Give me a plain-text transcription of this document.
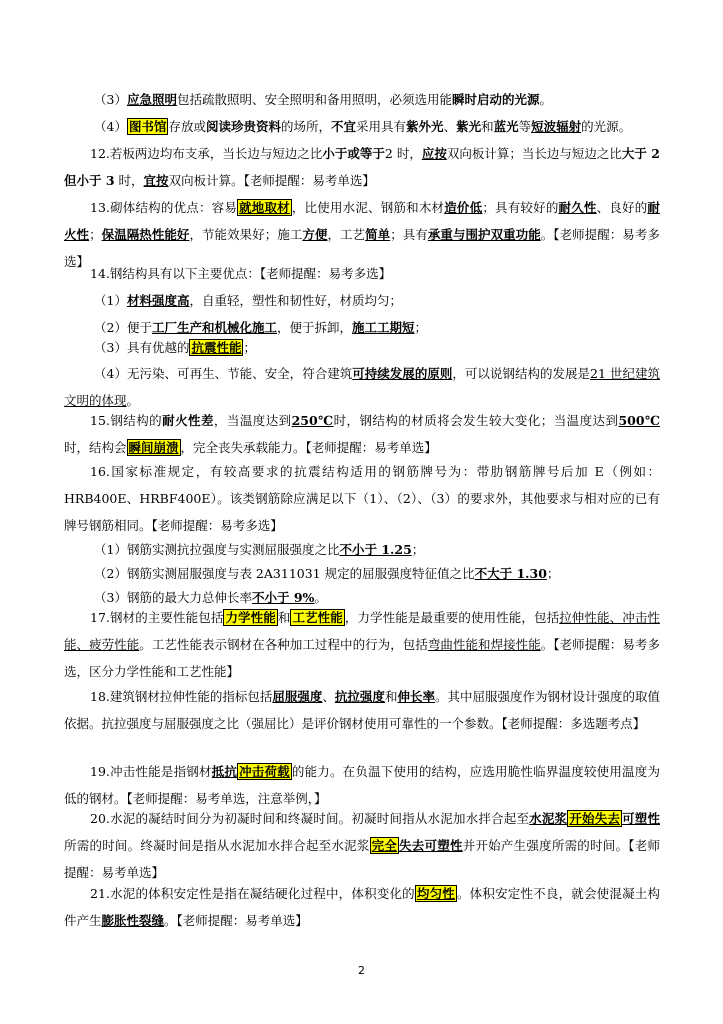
（3）应急照明包括疏散照明、安全照明和备用照明，必须选用能瞬时启动的光源。

（4） 图书馆 存放或阅读珍贵资料的场所，不宜采用具有紫外光、紫光和蓝光等短波辐射的光源。

12.若板两边均布支承，当长边与短边之比小于或等于2 时，应按双向板计算；当长边与短边之比大于 2 但小于 3 时，宜按双向板计算。【老师提醒：易考单选】

13.砌体结构的优点：容易 就地取材 ，比使用水泥、钢筋和木材造价低；具有较好的耐久性、良好的耐火性；保温隔热性能好，节能效果好；施工方便，工艺简单；具有承重与围护双重功能。【老师提醒：易考多选】

14.钢结构具有以下主要优点：【老师提醒：易考多选】

（1）材料强度高，自重轻，塑性和韧性好，材质均匀；

（2）便于工厂生产和机械化施工，便于拆卸，施工工期短；

（3）具有优越的 抗震性能 ；

（4）无污染、可再生、节能、安全，符合建筑可持续发展的原则，可以说钢结构的发展是21 世纪建筑文明的体现。

15.钢结构的耐火性差，当温度达到250℃时，钢结构的材质将会发生较大变化；当温度达到500℃时，结构会 瞬间崩溃 ，完全丧失承载能力。【老师提醒：易考单选】

16.国家标准规定，有较高要求的抗震结构适用的钢筋牌号为：带肋钢筋牌号后加 E（例如：HRB400E、HRBF400E）。该类钢筋除应满足以下（1）、（2）、（3）的要求外，其他要求与相对应的已有牌号钢筋相同。【老师提醒：易考多选】

（1）钢筋实测抗拉强度与实测屈服强度之比不小于 1.25；

（2）钢筋实测屈服强度与表 2A311031 规定的屈服强度特征值之比不大于 1.30；

（3）钢筋的最大力总伸长率不小于 9%。

17.钢材的主要性能包括 力学性能 和 工艺性能 ，力学性能是最重要的使用性能，包括拉伸性能、冲击性能、疲劳性能。工艺性能表示钢材在各种加工过程中的行为，包括弯曲性能和焊接性能。【老师提醒：易考多选，区分力学性能和工艺性能】

18.建筑钢材拉伸性能的指标包括屈服强度、抗拉强度和伸长率。其中屈服强度作为钢材设计强度的取值依据。抗拉强度与屈服强度之比（强屈比）是评价钢材使用可靠性的一个参数。【老师提醒：多选题考点】

19.冲击性能是指钢材抵抗 冲击荷载 的能力。在负温下使用的结构，应选用脆性临界温度较使用温度为低的钢材。【老师提醒：易考单选，注意举例，】

20.水泥的凝结时间分为初凝时间和终凝时间。初凝时间指从水泥加水拌合起至水泥浆 开始失去 可塑性所需的时间。终凝时间是指从水泥加水拌合起至水泥浆 完全 失去可塑性并开始产生强度所需的时间。【老师提醒：易考单选】

21.水泥的体积安定性是指在凝结硬化过程中，体积变化的 均匀性 。体积安定性不良，就会使混凝土构件产生膨胀性裂缝。【老师提醒：易考单选】

2
